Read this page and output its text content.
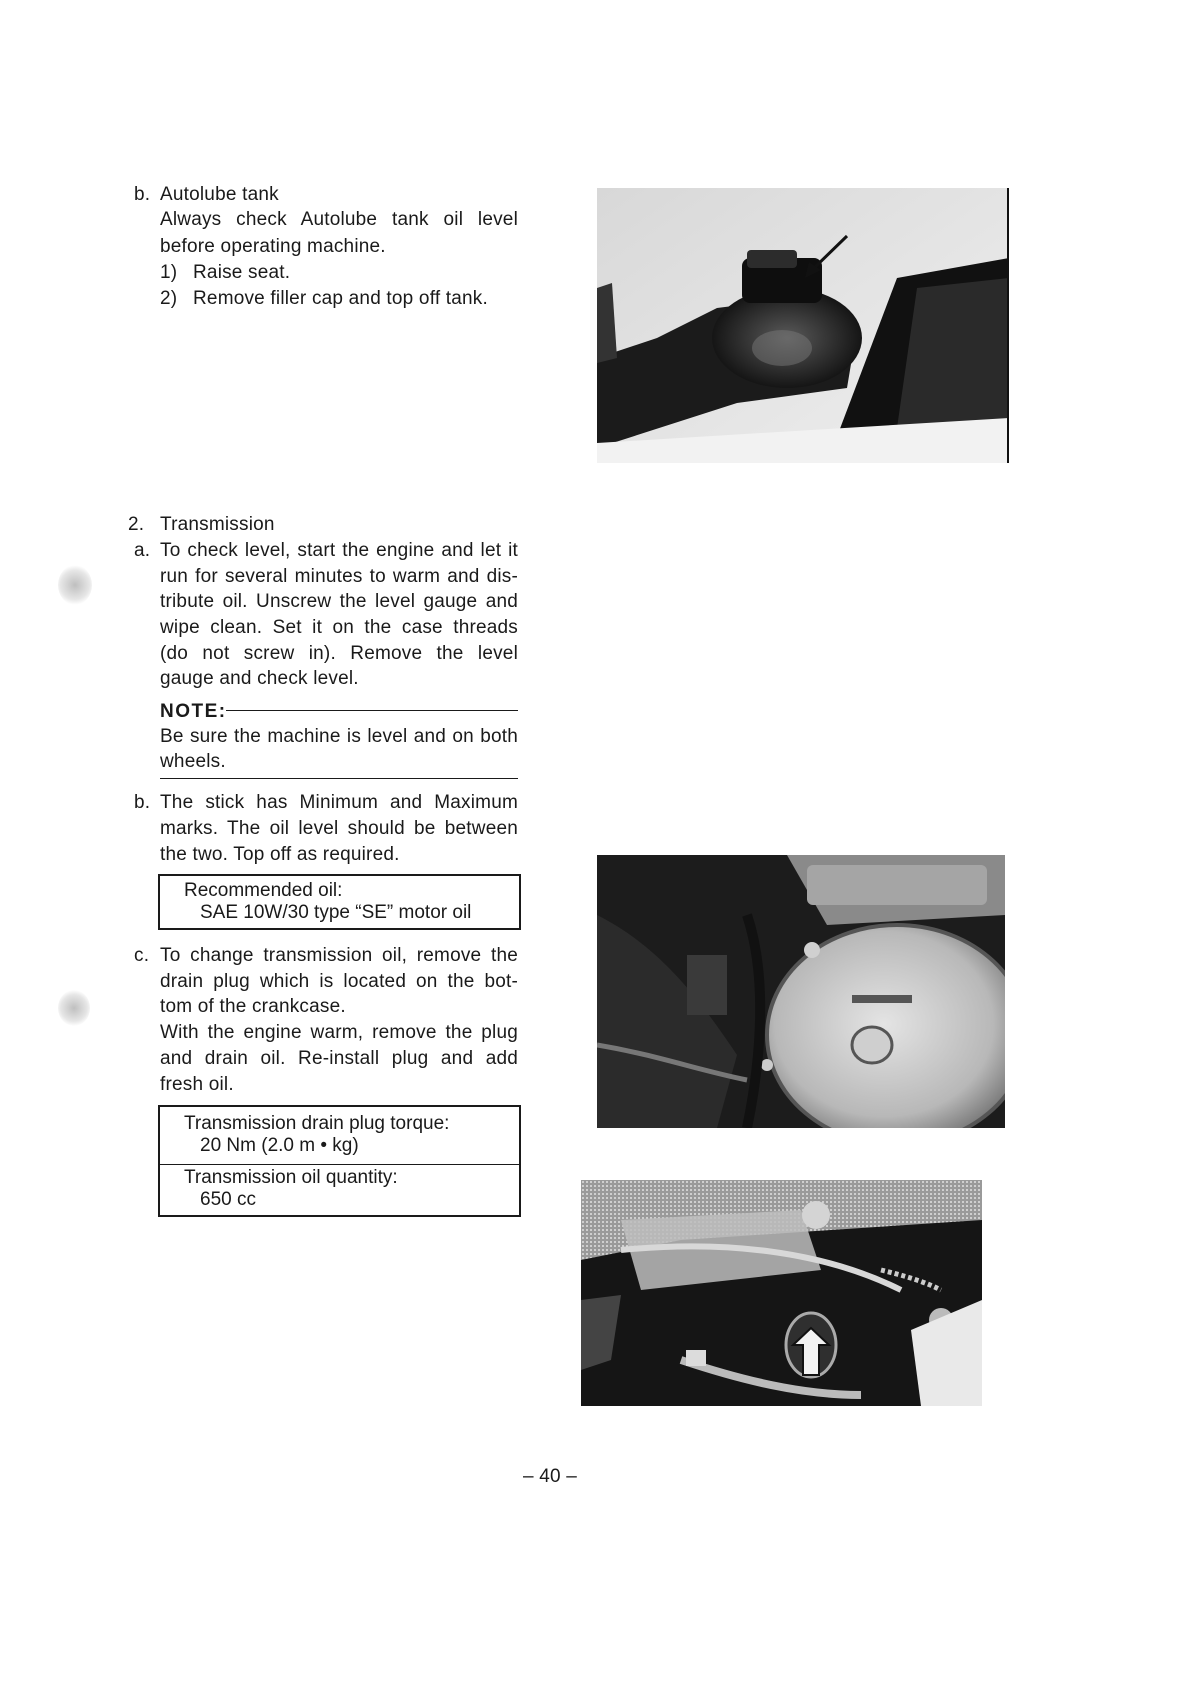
b. Autolube tank
Always check Autolube tank oil level
before operating machine.
1) Raise seat.
2) Remove filler cap and top off tank.
2. Transmission
a. To check level, start the engine and let it
run for several minutes to warm and dis-
tribute oil. Unscrew the level gauge and
wipe clean. Set it on the case threads
(do not screw in). Remove the level
gauge and check level.
NOTE:
Be sure the machine is level and on both
wheels.
b. The stick has Minimum and Maximum
marks. The oil level should be between
the two. Top off as required.
Recommended oil:
SAE 10W/30 type “SE” motor oil
c. To change transmission oil, remove the
drain plug which is located on the bot-
tom of the crankcase.
With the engine warm, remove the plug
and drain oil. Re-install plug and add
fresh oil.
Transmission drain plug torque:
20 Nm (2.0 m • kg)
Transmission oil quantity:
650 cc
– 40 –
